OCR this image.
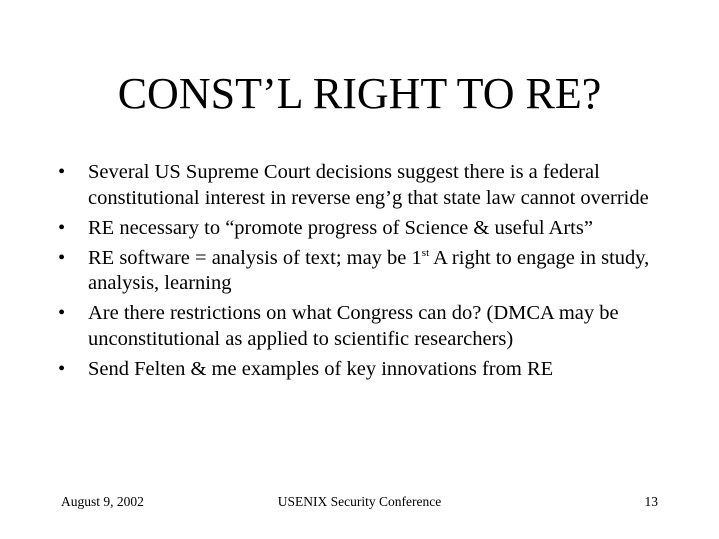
CONST’L RIGHT TO RE?
•	Several US Supreme Court decisions suggest there is a federal constitutional interest in reverse eng’g that state law cannot override
•	RE necessary to “promote progress of Science & useful Arts”
•	RE software = analysis of text; may be 1st A right to engage in study, analysis, learning
•	Are there restrictions on what Congress can do? (DMCA may be unconstitutional as applied to scientific researchers)
•	Send Felten & me examples of key innovations from RE
August 9, 2002	USENIX Security Conference	13
